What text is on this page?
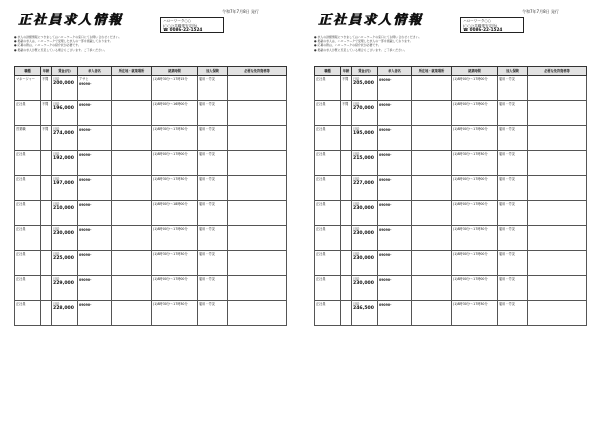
正社員求人情報
令和7年7月8日 発行
ハローワーク○○
(○○公共職業安定所)
☎ 0086-22-1524
● 求人の詳細情報につきましてはハローワークの窓口にてお問い合わせください。
● 掲載の求人は、ハローワークで受理した求人の一部を掲載しております。
● 応募の際は、ハローワークの紹介状が必要です。
● 掲載の求人が既に充足している場合もございます。ご了承ください。
職種	年齢	賃金(円)	求人者名	所在地・就業場所	就業時間	加入保険	必要な免許資格等
マネージャー	不問	月給
200,000	アサヒ
09090-		(1)8時30分〜17時15分	雇用・労災	
正社員	不問	月給
196,000	09090-		(1)8時00分〜16時00分	雇用・労災	
営業職	不問	月給
274,000	09090-		(1)8時30分〜17時30分	雇用・労災	
正社員		月給
192,000	09090-		(1)8時00分〜17時00分	雇用・労災	
正社員		月給
197,000	09090-		(1)8時30分〜17時30分	雇用・労災	
正社員		月給
210,000	09090-		(1)8時00分〜18時00分	雇用・労災	
正社員		月給
230,000	09090-		(1)8時00分〜17時00分	雇用・労災	
正社員		月給
225,000	09090-		(1)8時30分〜17時30分	雇用・労災	
正社員		月給
229,000	09090-		(1)8時00分〜17時00分	雇用・労災	
正社員		月給
228,000	09090-		(1)8時30分〜17時30分	雇用・労災	
正社員求人情報
令和7年7月8日 発行
ハローワーク○○
(○○公共職業安定所)
☎ 0086-22-1524
● 求人の詳細情報につきましてはハローワークの窓口にてお問い合わせください。
● 掲載の求人は、ハローワークで受理した求人の一部を掲載しております。
● 応募の際は、ハローワークの紹介状が必要です。
● 掲載の求人が既に充足している場合もございます。ご了承ください。
職種	年齢	賃金(円)	求人者名	所在地・就業場所	就業時間	加入保険	必要な免許資格等
正社員	不問	日給
205,000	09090-		(1)8時00分〜17時00分	雇用・労災	
正社員	不問	月給
270,000	09090-		(1)8時00分〜17時00分	雇用・労災	
正社員		月給
195,000	09090-		(1)8時00分〜17時00分	雇用・労災	
正社員		月給
215,000	09090-		(1)8時30分〜17時30分	雇用・労災	
正社員		月給
227,000	09090-		(1)8時00分〜17時00分	雇用・労災	
正社員		月給
230,000	09090-		(1)8時00分〜17時00分	雇用・労災	
正社員		月給
230,000	09090-		(1)8時30分〜17時30分	雇用・労災	
正社員		月給
230,000	09090-		(1)8時00分〜17時00分	雇用・労災	
正社員		月給
230,000	09090-		(1)8時00分〜17時00分	雇用・労災	
正社員		月給
246,500	09090-		(1)8時30分〜17時30分	雇用・労災	
